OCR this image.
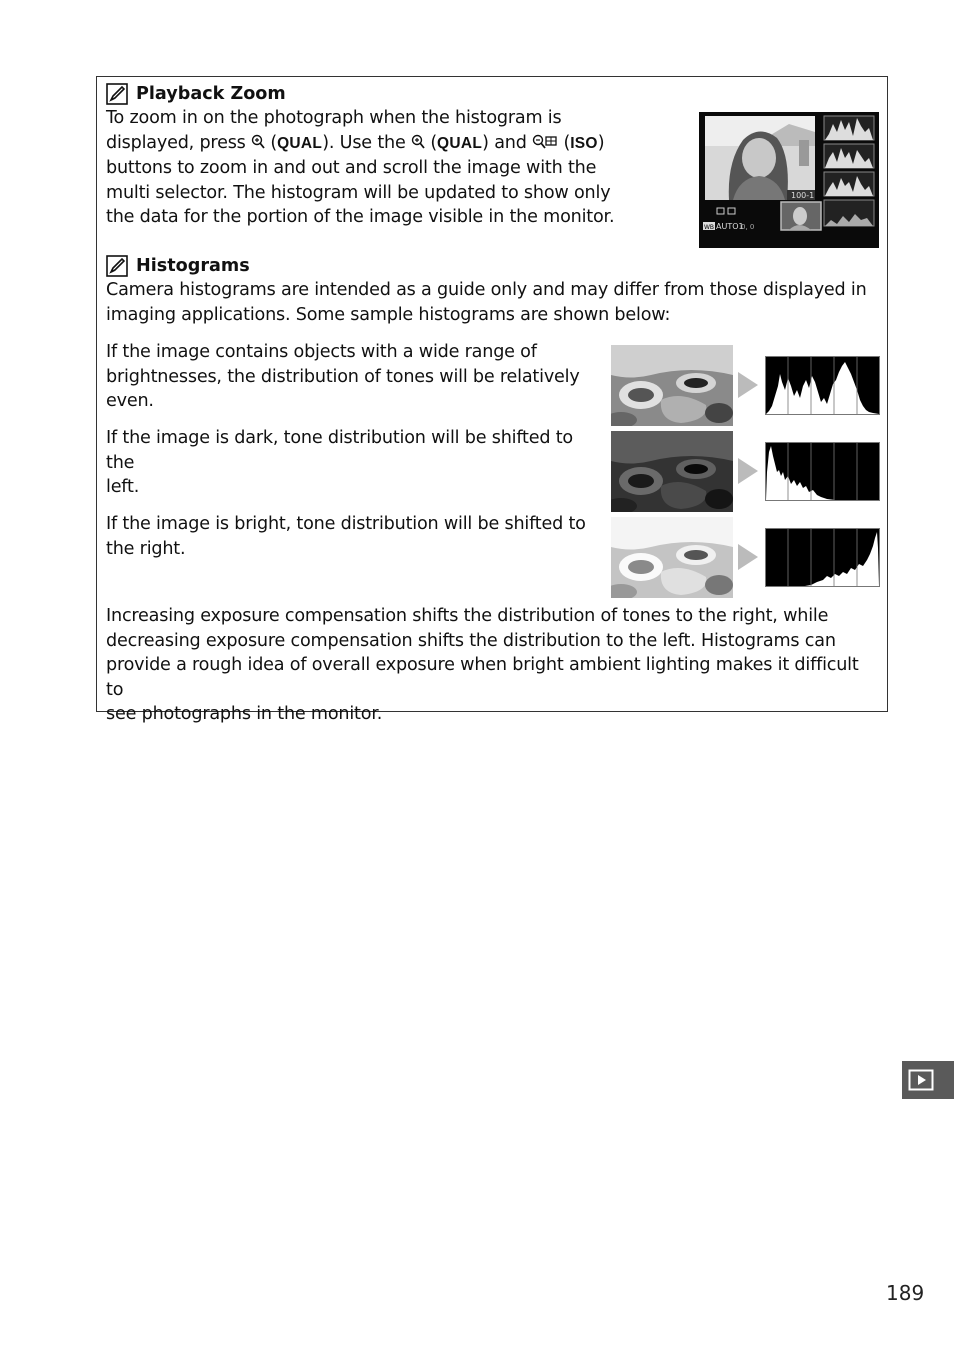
Playback Zoom
To zoom in on the photograph when the histogram is
displayed, press  (QUAL). Use the  (QUAL) and  (ISO)
buttons to zoom in and out and scroll the image with the
multi selector. The histogram will be updated to show only
the data for the portion of the image visible in the monitor.
100-1
WB AUTO1
0, 0
Histograms
Camera histograms are intended as a guide only and may differ from those displayed in
imaging applications. Some sample histograms are shown below:
If the image contains objects with a wide range of
brightnesses, the distribution of tones will be relatively
even.
If the image is dark, tone distribution will be shifted to the
left.
If the image is bright, tone distribution will be shifted to
the right.
Increasing exposure compensation shifts the distribution of tones to the right, while
decreasing exposure compensation shifts the distribution to the left. Histograms can
provide a rough idea of overall exposure when bright ambient lighting makes it difficult to
see photographs in the monitor.
189
